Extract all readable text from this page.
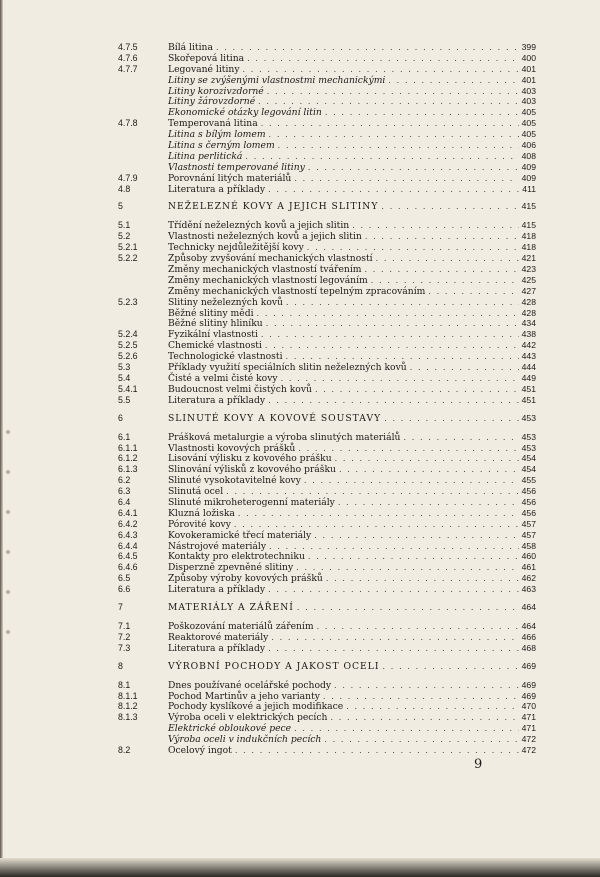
4.7.5	Bílá litina . . .	399
4.7.6	Skořepová litina . . .	400
4.7.7	Legované litiny . . .	401
Litiny se zvýšenými vlastnostmi mechanickými . . .	401
Litiny korozivzdorné . . .	403
Litiny žárovzdorné . . .	403
Ekonomické otázky legování litin . . .	405
4.7.8	Temperovaná litina . . .	405
Litina s bílým lomem . . .	405
Litina s černým lomem . . .	406
Litina perlitická . . .	408
Vlastnosti temperované litiny . . .	409
4.7.9	Porovnání litých materiálů . . .	409
4.8	Literatura a příklady . . .	411
5	NEŽELEZNÉ KOVY A JEJICH SLITINY . . .	415
5.1	Třídění neželezných kovů a jejich slitin . . .	415
5.2	Vlastnosti neželezných kovů a jejich slitin . . .	418
5.2.1	Technicky nejdůležitější kovy . . .	418
5.2.2	Způsoby zvyšování mechanických vlastností . . .	421
Změny mechanických vlastností tvářením . . .	423
Změny mechanických vlastností legováním . . .	425
Změny mechanických vlastností tepelným zpracováním . . .	427
5.2.3	Slitiny neželezných kovů . . .	428
Běžné slitiny mědi . . .	428
Běžné slitiny hliníku . . .	434
5.2.4	Fyzikální vlastnosti . . .	438
5.2.5	Chemické vlastnosti . . .	442
5.2.6	Technologické vlastnosti . . .	443
5.3	Příklady využití speciálních slitin neželezných kovů . . .	444
5.4	Čisté a velmi čisté kovy . . .	449
5.4.1	Budoucnost velmi čistých kovů . . .	451
5.5	Literatura a příklady . . .	451
6	SLINUTÉ KOVY A KOVOVÉ SOUSTAVY . . .	453
6.1	Prášková metalurgie a výroba slinutých materiálů . . .	453
6.1.1	Vlastnosti kovových prášků . . .	453
6.1.2	Lisování výlisku z kovového prášku . . .	454
6.1.3	Slinování výlisků z kovového prášku . . .	454
6.2	Slinuté vysokotavitelné kovy . . .	455
6.3	Slinutá ocel . . .	456
6.4	Slinuté mikroheterogenní materiály . . .	456
6.4.1	Kluzná ložiska . . .	456
6.4.2	Pórovité kovy . . .	457
6.4.3	Kovokeramické třecí materiály . . .	457
6.4.4	Nástrojové materiály . . .	458
6.4.5	Kontakty pro elektrotechniku . . .	460
6.4.6	Disperzně zpevněné slitiny . . .	461
6.5	Způsoby výroby kovových prášků . . .	462
6.6	Literatura a příklady . . .	463
7	MATERIÁLY A ZÁŘENÍ . . .	464
7.1	Poškozování materiálů zářením . . .	464
7.2	Reaktorové materiály . . .	466
7.3	Literatura a příklady . . .	468
8	VÝROBNÍ POCHODY A JAKOST OCELI . . .	469
8.1	Dnes používané ocelářské pochody . . .	469
8.1.1	Pochod Martinův a jeho varianty . . .	469
8.1.2	Pochody kyslíkové a jejich modifikace . . .	470
8.1.3	Výroba oceli v elektrických pecích . . .	471
Elektrické obloukové pece . . .	471
Výroba oceli v indukčních pecích . . .	472
8.2	Ocelový ingot . . .	472
9
